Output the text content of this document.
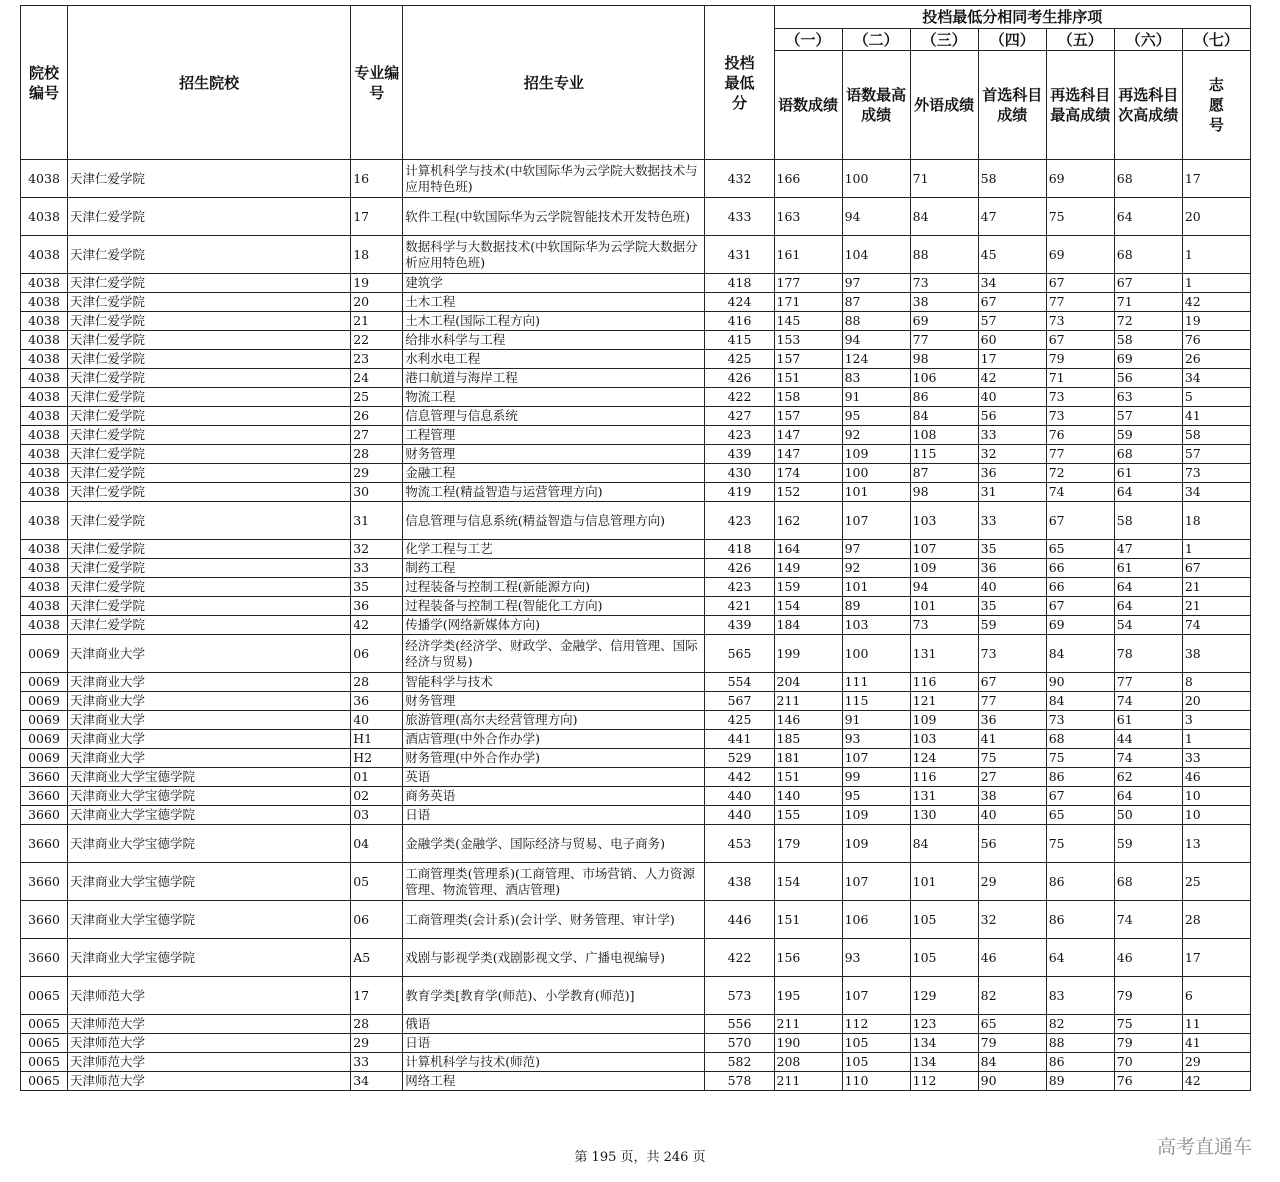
院校编号	招生院校	专业编号	招生专业	投档最低分	投档最低分相同考生排序项						
					（一）	（二）	（三）	（四）	（五）	（六）	（七）
					语数成绩	语数最高成绩	外语成绩	首选科目成绩	再选科目最高成绩	再选科目次高成绩	志愿号
4038	天津仁爱学院	16	计算机科学与技术(中软国际华为云学院大数据技术与应用特色班)	432	166	100	71	58	69	68	17
4038	天津仁爱学院	17	软件工程(中软国际华为云学院智能技术开发特色班)	433	163	94	84	47	75	64	20
4038	天津仁爱学院	18	数据科学与大数据技术(中软国际华为云学院大数据分析应用特色班)	431	161	104	88	45	69	68	1
4038	天津仁爱学院	19	建筑学	418	177	97	73	34	67	67	1
4038	天津仁爱学院	20	土木工程	424	171	87	38	67	77	71	42
4038	天津仁爱学院	21	土木工程(国际工程方向)	416	145	88	69	57	73	72	19
4038	天津仁爱学院	22	给排水科学与工程	415	153	94	77	60	67	58	76
4038	天津仁爱学院	23	水利水电工程	425	157	124	98	17	79	69	26
4038	天津仁爱学院	24	港口航道与海岸工程	426	151	83	106	42	71	56	34
4038	天津仁爱学院	25	物流工程	422	158	91	86	40	73	63	5
4038	天津仁爱学院	26	信息管理与信息系统	427	157	95	84	56	73	57	41
4038	天津仁爱学院	27	工程管理	423	147	92	108	33	76	59	58
4038	天津仁爱学院	28	财务管理	439	147	109	115	32	77	68	57
4038	天津仁爱学院	29	金融工程	430	174	100	87	36	72	61	73
4038	天津仁爱学院	30	物流工程(精益智造与运营管理方向)	419	152	101	98	31	74	64	34
4038	天津仁爱学院	31	信息管理与信息系统(精益智造与信息管理方向)	423	162	107	103	33	67	58	18
4038	天津仁爱学院	32	化学工程与工艺	418	164	97	107	35	65	47	1
4038	天津仁爱学院	33	制药工程	426	149	92	109	36	66	61	67
4038	天津仁爱学院	35	过程装备与控制工程(新能源方向)	423	159	101	94	40	66	64	21
4038	天津仁爱学院	36	过程装备与控制工程(智能化工方向)	421	154	89	101	35	67	64	21
4038	天津仁爱学院	42	传播学(网络新媒体方向)	439	184	103	73	59	69	54	74
0069	天津商业大学	06	经济学类(经济学、财政学、金融学、信用管理、国际经济与贸易)	565	199	100	131	73	84	78	38
0069	天津商业大学	28	智能科学与技术	554	204	111	116	67	90	77	8
0069	天津商业大学	36	财务管理	567	211	115	121	77	84	74	20
0069	天津商业大学	40	旅游管理(高尔夫经营管理方向)	425	146	91	109	36	73	61	3
0069	天津商业大学	H1	酒店管理(中外合作办学)	441	185	93	103	41	68	44	1
0069	天津商业大学	H2	财务管理(中外合作办学)	529	181	107	124	75	75	74	33
3660	天津商业大学宝德学院	01	英语	442	151	99	116	27	86	62	46
3660	天津商业大学宝德学院	02	商务英语	440	140	95	131	38	67	64	10
3660	天津商业大学宝德学院	03	日语	440	155	109	130	40	65	50	10
3660	天津商业大学宝德学院	04	金融学类(金融学、国际经济与贸易、电子商务)	453	179	109	84	56	75	59	13
3660	天津商业大学宝德学院	05	工商管理类(管理系)(工商管理、市场营销、人力资源管理、物流管理、酒店管理)	438	154	107	101	29	86	68	25
3660	天津商业大学宝德学院	06	工商管理类(会计系)(会计学、财务管理、审计学)	446	151	106	105	32	86	74	28
3660	天津商业大学宝德学院	A5	戏剧与影视学类(戏剧影视文学、广播电视编导)	422	156	93	105	46	64	46	17
0065	天津师范大学	17	教育学类[教育学(师范)、小学教育(师范)]	573	195	107	129	82	83	79	6
0065	天津师范大学	28	俄语	556	211	112	123	65	82	75	11
0065	天津师范大学	29	日语	570	190	105	134	79	88	79	41
0065	天津师范大学	33	计算机科学与技术(师范)	582	208	105	134	84	86	70	29
0065	天津师范大学	34	网络工程	578	211	110	112	90	89	76	42
第 195 页，共 246 页	高考直通车
